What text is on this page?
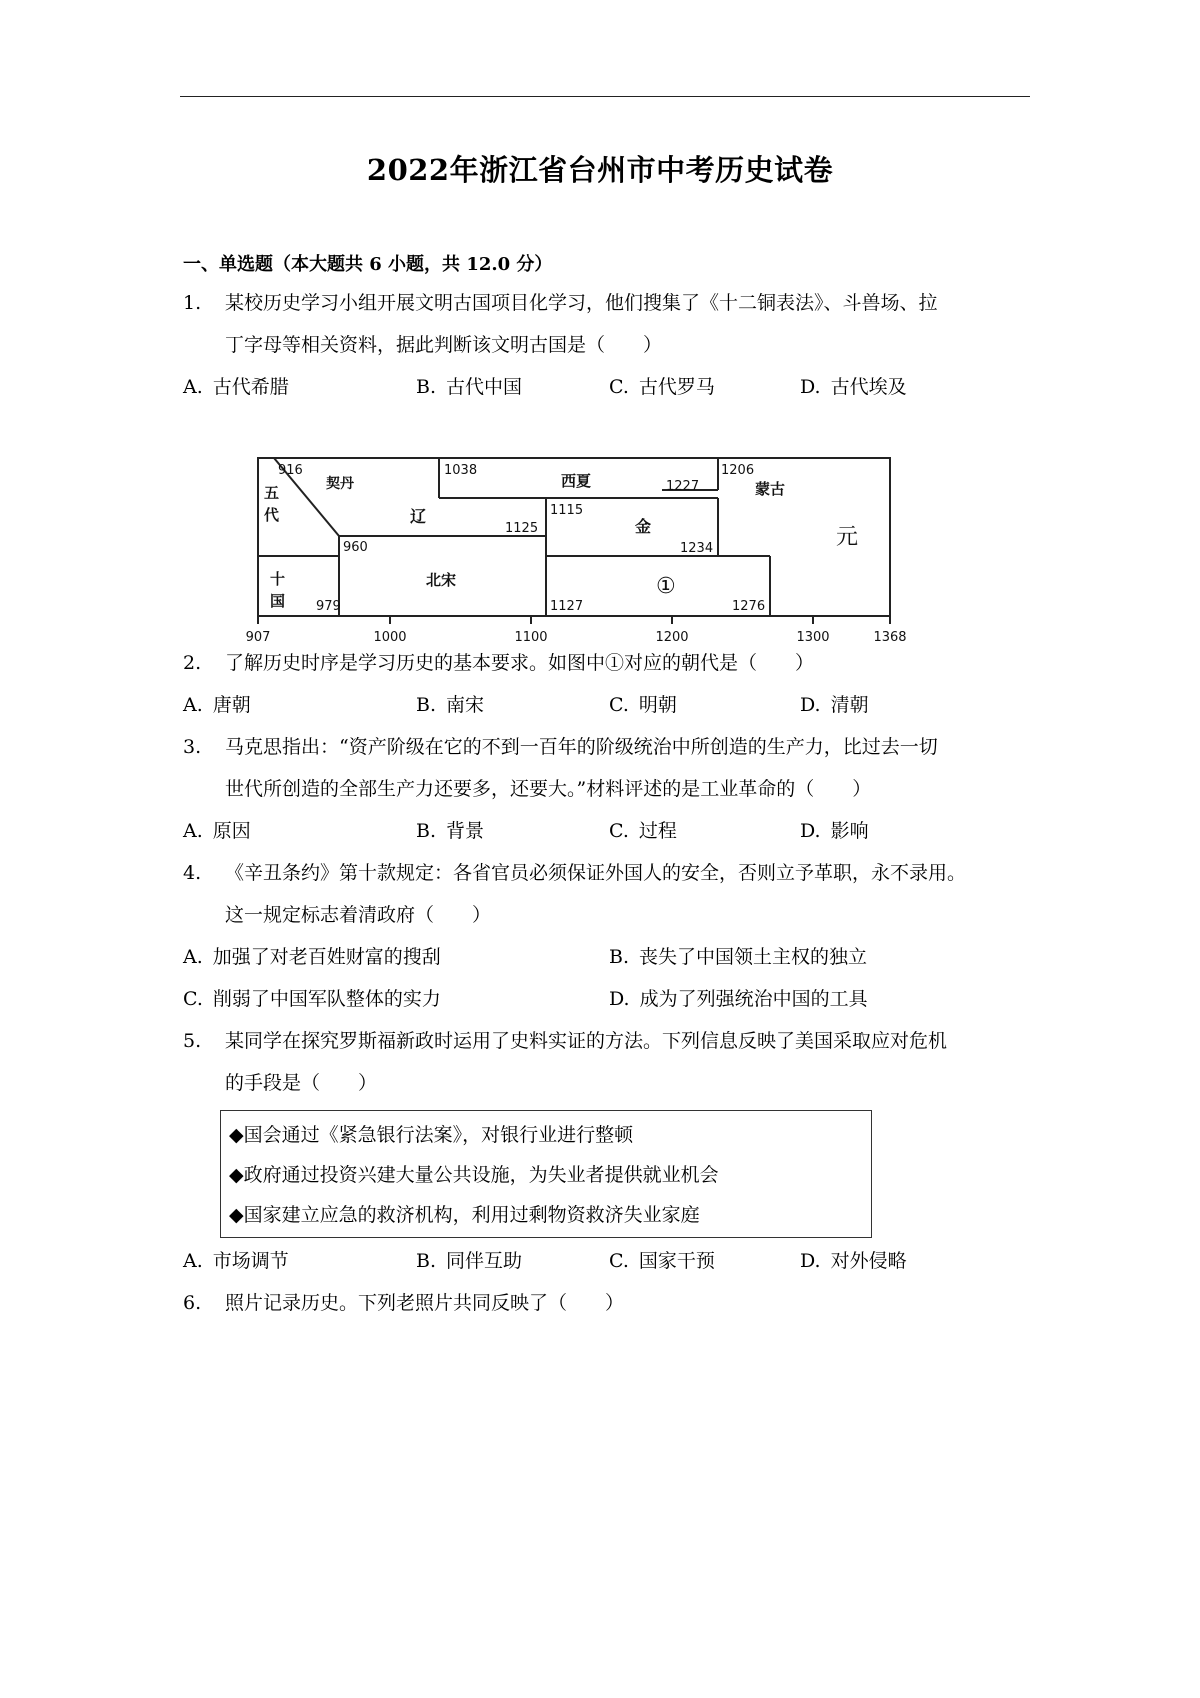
2022年浙江省台州市中考历史试卷
一、单选题（本大题共 6 小题，共 12.0 分）
1. 某校历史学习小组开展文明古国项目化学习，他们搜集了《十二铜表法》、斗兽场、拉
丁字母等相关资料，据此判断该文明古国是（　　）
A. 古代希腊	B. 古代中国	C. 古代罗马	D. 古代埃及
916	1038	1206
1227
1115
1125
960	1234
979	1127	1276
907	1000	1100	1200	1300	1368
契丹
辽
西夏	蒙古
金	元
北宋	①
五代
十国
2. 了解历史时序是学习历史的基本要求。如图中①对应的朝代是（　　）
A. 唐朝	B. 南宋	C. 明朝	D. 清朝
3. 马克思指出：“资产阶级在它的不到一百年的阶级统治中所创造的生产力，比过去一切
世代所创造的全部生产力还要多，还要大。”材料评述的是工业革命的（　　）
A. 原因	B. 背景	C. 过程	D. 影响
4. 《辛丑条约》第十款规定：各省官员必须保证外国人的安全，否则立予革职，永不录用。
这一规定标志着清政府（　　）
A. 加强了对老百姓财富的搜刮	B. 丧失了中国领土主权的独立
C. 削弱了中国军队整体的实力	D. 成为了列强统治中国的工具
5. 某同学在探究罗斯福新政时运用了史料实证的方法。下列信息反映了美国采取应对危机
的手段是（　　）
◆国会通过《紧急银行法案》，对银行业进行整顿
◆政府通过投资兴建大量公共设施，为失业者提供就业机会
◆国家建立应急的救济机构，利用过剩物资救济失业家庭
A. 市场调节	B. 同伴互助	C. 国家干预	D. 对外侵略
6. 照片记录历史。下列老照片共同反映了（　　）
